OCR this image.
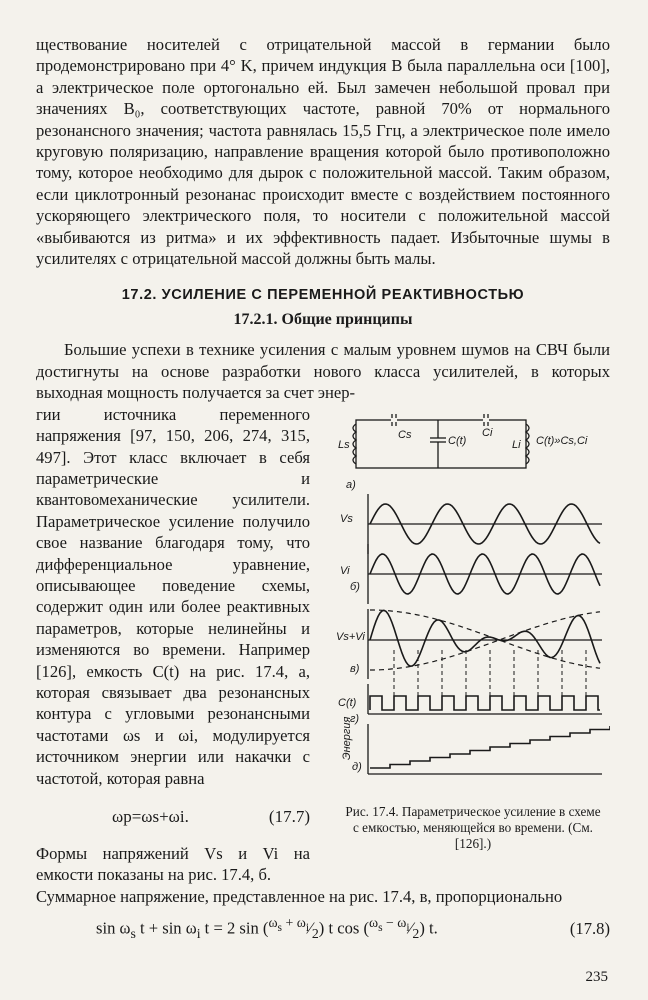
ществование носителей с отрицательной массой в германии было продемонстрировано при 4° K, причем индукция B была параллельна оси [100], а электрическое поле ортогонально ей. Был замечен небольшой провал при значениях B₀, соответствующих частоте, равной 70% от нормального резонансного значения; частота равнялась 15,5 Ггц, а электрическое поле имело круговую поляризацию, направление вращения которой было противоположно тому, которое необходимо для дырок с положительной массой. Таким образом, если циклотронный резонанас происходит вместе с воздействием постоянного ускоряющего электрического поля, то носители с положительной массой «выбиваются из ритма» и их эффективность падает. Избыточные шумы в усилителях с отрицательной массой должны быть малы.

17.2. УСИЛЕНИЕ С ПЕРЕМЕННОЙ РЕАКТИВНОСТЬЮ
17.2.1. Общие принципы

Большие успехи в технике усиления с малым уровнем шумов на СВЧ были достигнуты на основе разработки нового класса усилителей, в которых выходная мощность получается за счет энер-

гии источника переменного напряжения [97, 150, 206, 274, 315, 497]. Этот класс включает в себя параметрические и квантовомеханические усилители. Параметрическое усиление получило свое название благодаря тому, что дифференциальное уравнение, описывающее поведение схемы, содержит один или более реактивных параметров, которые нелинейны и изменяются во времени. Например [126], емкость C(t) на рис. 17.4, а, которая связывает два резонансных контура с угловыми резонансными частотами ωs и ωi, модулируется источником энергии или накачки с частотой, которая равна

ωp=ωs+ωi.	(17.7)

Формы напряжений Vs и Vi на емкости показаны на рис. 17.4, б.

Ls
Cs	C(t)
Ci
Li C(t)»Cs,Ci
а)
Vs
б)
Vi
Vs+Vi
в)
C(t)
г)
д)
Энергия
Рис. 17.4. Параметрическое усиление в схеме с емкостью, меняющейся во времени. (См. [126].)

Суммарное напряжение, представленное на рис. 17.4, в, пропорционально

$\sin \omega_s$ $t + \sin \omega_i$ t = 2 $\sin (^{\omega_s + \omega_i}⁄_2)$ t $\cos (^{\omega_s - \omega_i}⁄_2)$ t.	(17.8)
235
